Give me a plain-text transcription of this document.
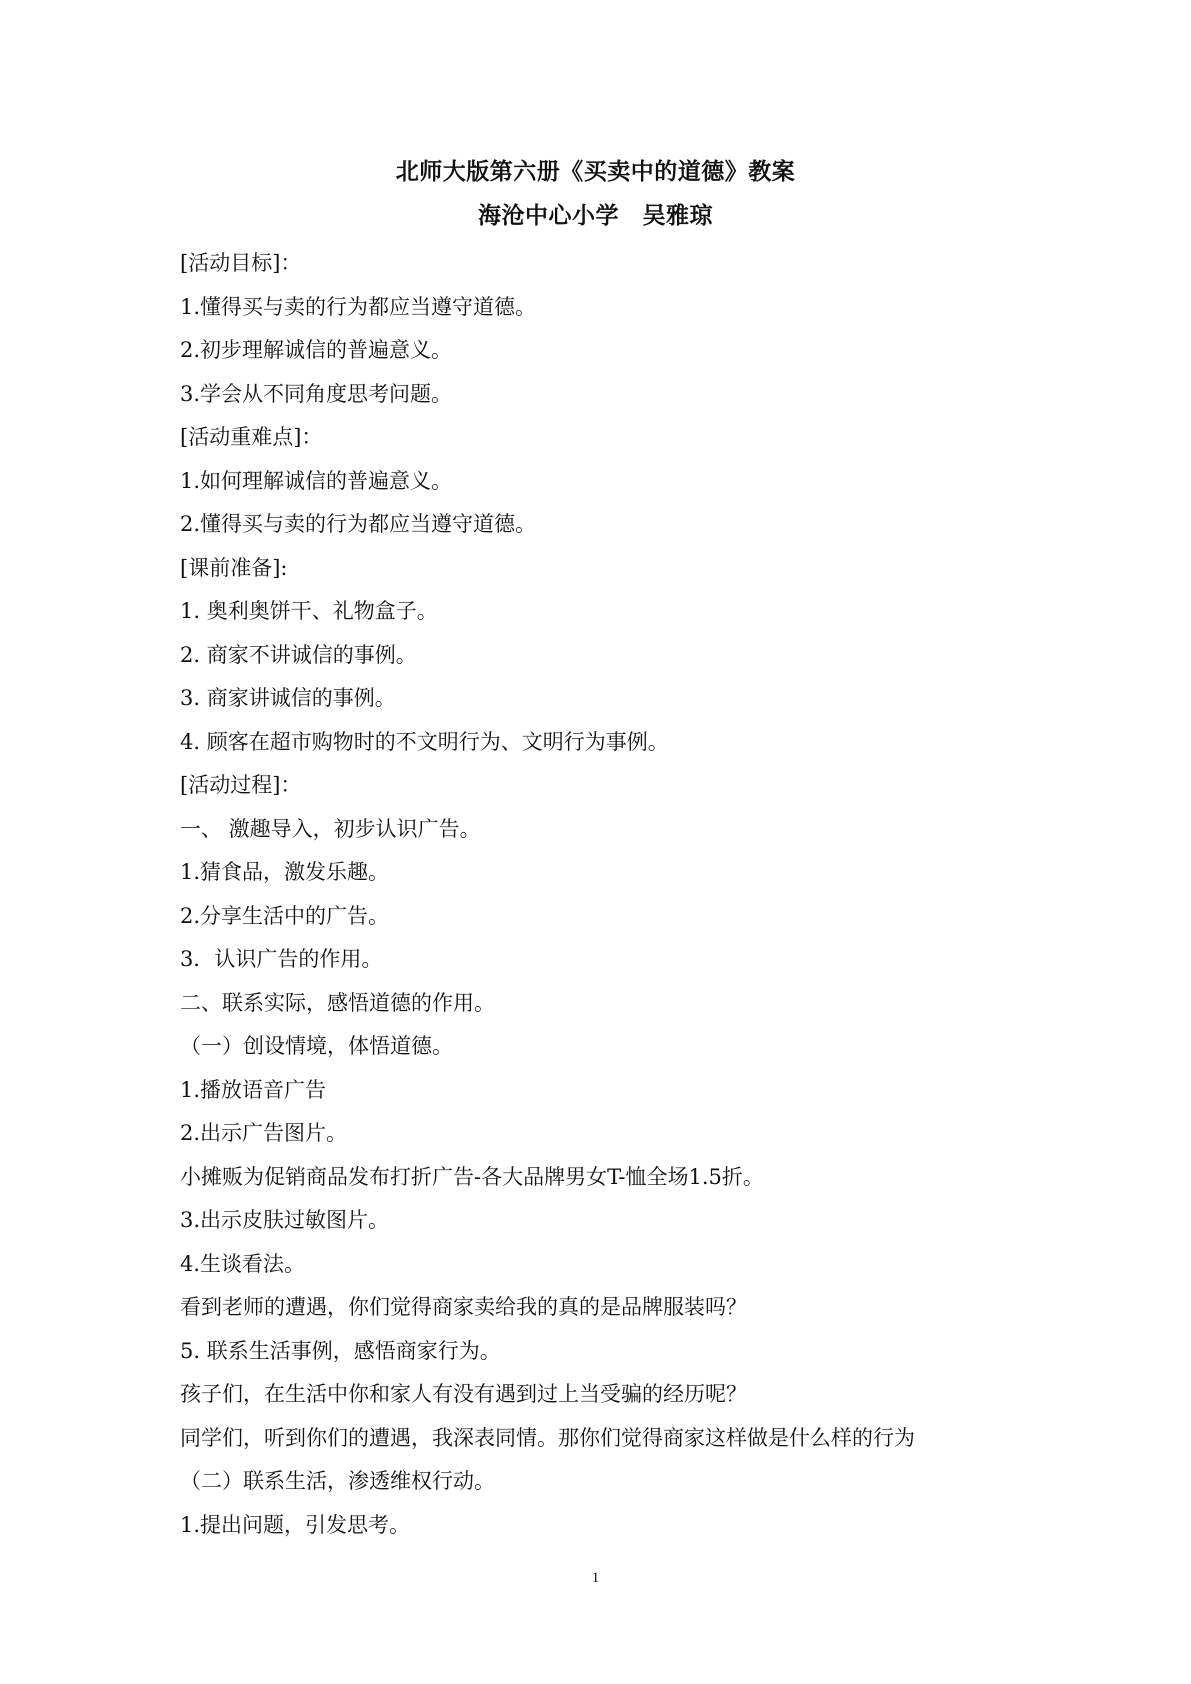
北师大版第六册《买卖中的道德》教案
海沧中心小学　吴雅琼
[活动目标]：
1.懂得买与卖的行为都应当遵守道德。
2.初步理解诚信的普遍意义。
3.学会从不同角度思考问题。
[活动重难点]：
1.如何理解诚信的普遍意义。
2.懂得买与卖的行为都应当遵守道德。
[课前准备]:
1. 奥利奥饼干、礼物盒子。
2. 商家不讲诚信的事例。
3. 商家讲诚信的事例。
4. 顾客在超市购物时的不文明行为、文明行为事例。
[活动过程]：
一、 激趣导入，初步认识广告。
1.猜食品，激发乐趣。
2.分享生活中的广告。
3．认识广告的作用。
二、联系实际，感悟道德的作用。
（一）创设情境，体悟道德。
1.播放语音广告
2.出示广告图片。
小摊贩为促销商品发布打折广告-各大品牌男女T-恤全场1.5折。
3.出示皮肤过敏图片。
4.生谈看法。
看到老师的遭遇，你们觉得商家卖给我的真的是品牌服装吗？
5. 联系生活事例，感悟商家行为。
孩子们，在生活中你和家人有没有遇到过上当受骗的经历呢？
同学们，听到你们的遭遇，我深表同情。那你们觉得商家这样做是什么样的行为
（二）联系生活，渗透维权行动。
1.提出问题，引发思考。
1
